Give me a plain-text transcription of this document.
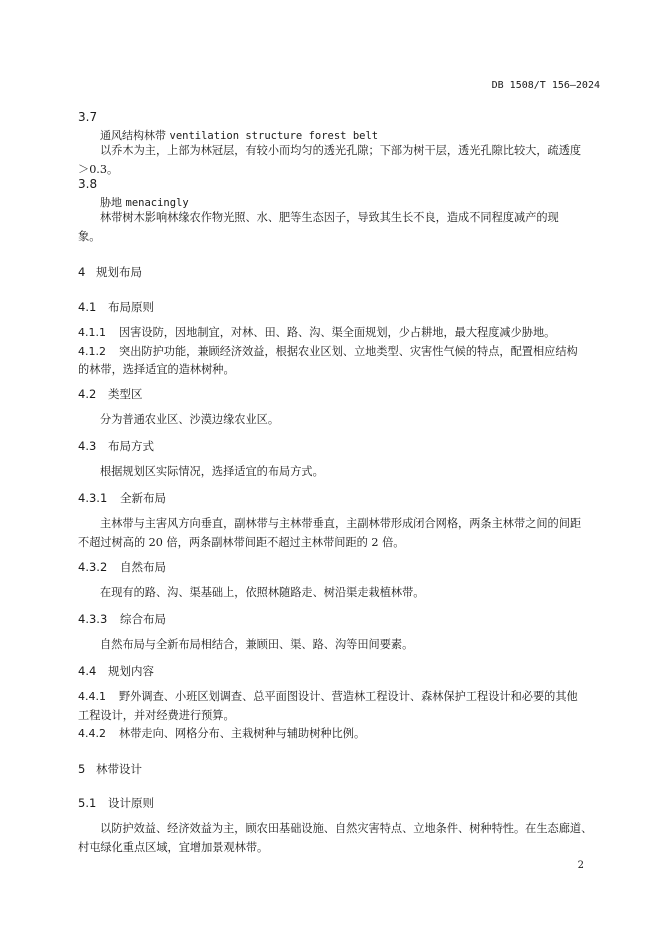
DB 1508/T 156—2024
3.7
通风结构林带 ventilation structure forest belt
以乔木为主，上部为林冠层，有较小而均匀的透光孔隙；下部为树干层，透光孔隙比较大，疏透度
＞0.3。
3.8
胁地 menacingly
林带树木影响林缘农作物光照、水、肥等生态因子，导致其生长不良，造成不同程度减产的现
象。
4 规划布局
4.1 布局原则
4.1.1 因害设防，因地制宜，对林、田、路、沟、渠全面规划，少占耕地，最大程度减少胁地。
4.1.2 突出防护功能，兼顾经济效益，根据农业区划、立地类型、灾害性气候的特点，配置相应结构
的林带，选择适宜的造林树种。
4.2 类型区
分为普通农业区、沙漠边缘农业区。
4.3 布局方式
根据规划区实际情况，选择适宜的布局方式。
4.3.1 全新布局
主林带与主害风方向垂直，副林带与主林带垂直，主副林带形成闭合网格，两条主林带之间的间距
不超过树高的 20 倍，两条副林带间距不超过主林带间距的 2 倍。
4.3.2 自然布局
在现有的路、沟、渠基础上，依照林随路走、树沿渠走栽植林带。
4.3.3 综合布局
自然布局与全新布局相结合，兼顾田、渠、路、沟等田间要素。
4.4 规划内容
4.4.1 野外调查、小班区划调查、总平面图设计、营造林工程设计、森林保护工程设计和必要的其他
工程设计，并对经费进行预算。
4.4.2 林带走向、网格分布、主栽树种与辅助树种比例。
5 林带设计
5.1 设计原则
以防护效益、经济效益为主，顾农田基础设施、自然灾害特点、立地条件、树种特性。在生态廊道、
村屯绿化重点区域，宜增加景观林带。
2
